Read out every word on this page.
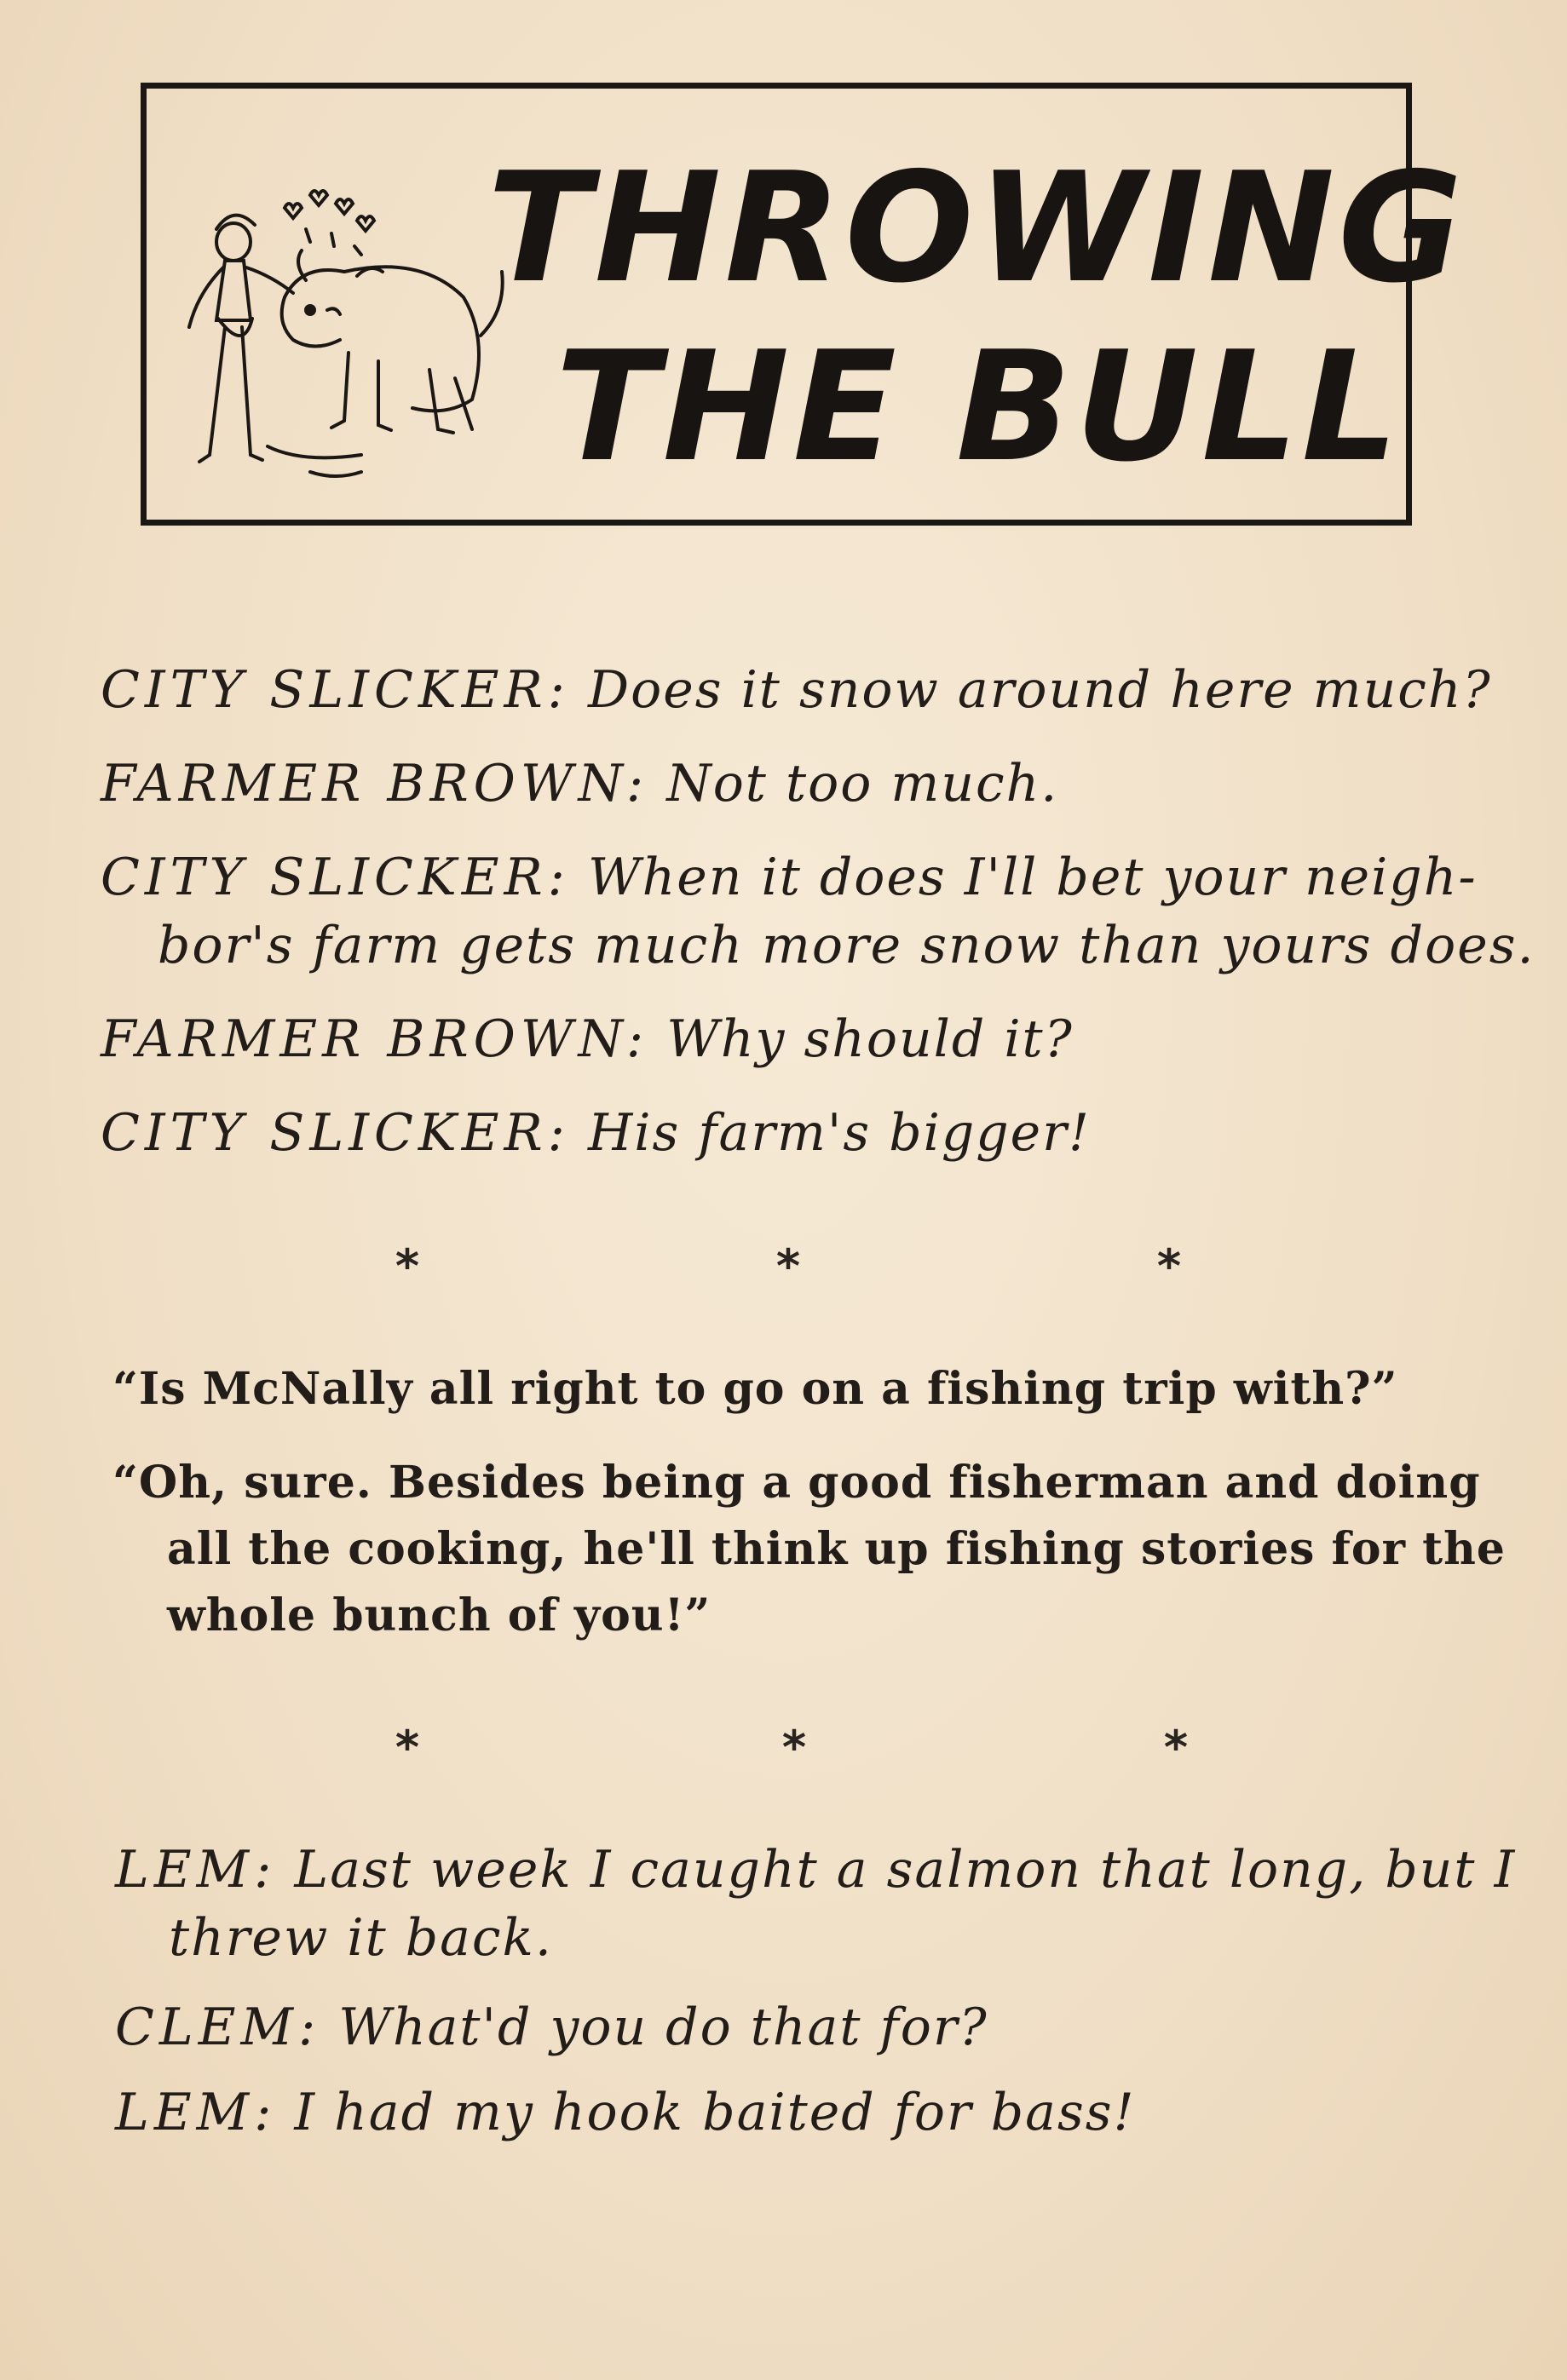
THROWING
THE BULL

CITY SLICKER: Does it snow around here much?

FARMER BROWN: Not too much.

CITY SLICKER: When it does I'll bet your neigh-

bor's farm gets much more snow than yours does.

FARMER BROWN: Why should it?

CITY SLICKER: His farm's bigger!

*	*	*

“Is McNally all right to go on a fishing trip with?”

“Oh, sure. Besides being a good fisherman and doing

all the cooking, he'll think up fishing stories for the

whole bunch of you!”

*	*	*

LEM: Last week I caught a salmon that long, but I

threw it back.

CLEM: What'd you do that for?

LEM: I had my hook baited for bass!
